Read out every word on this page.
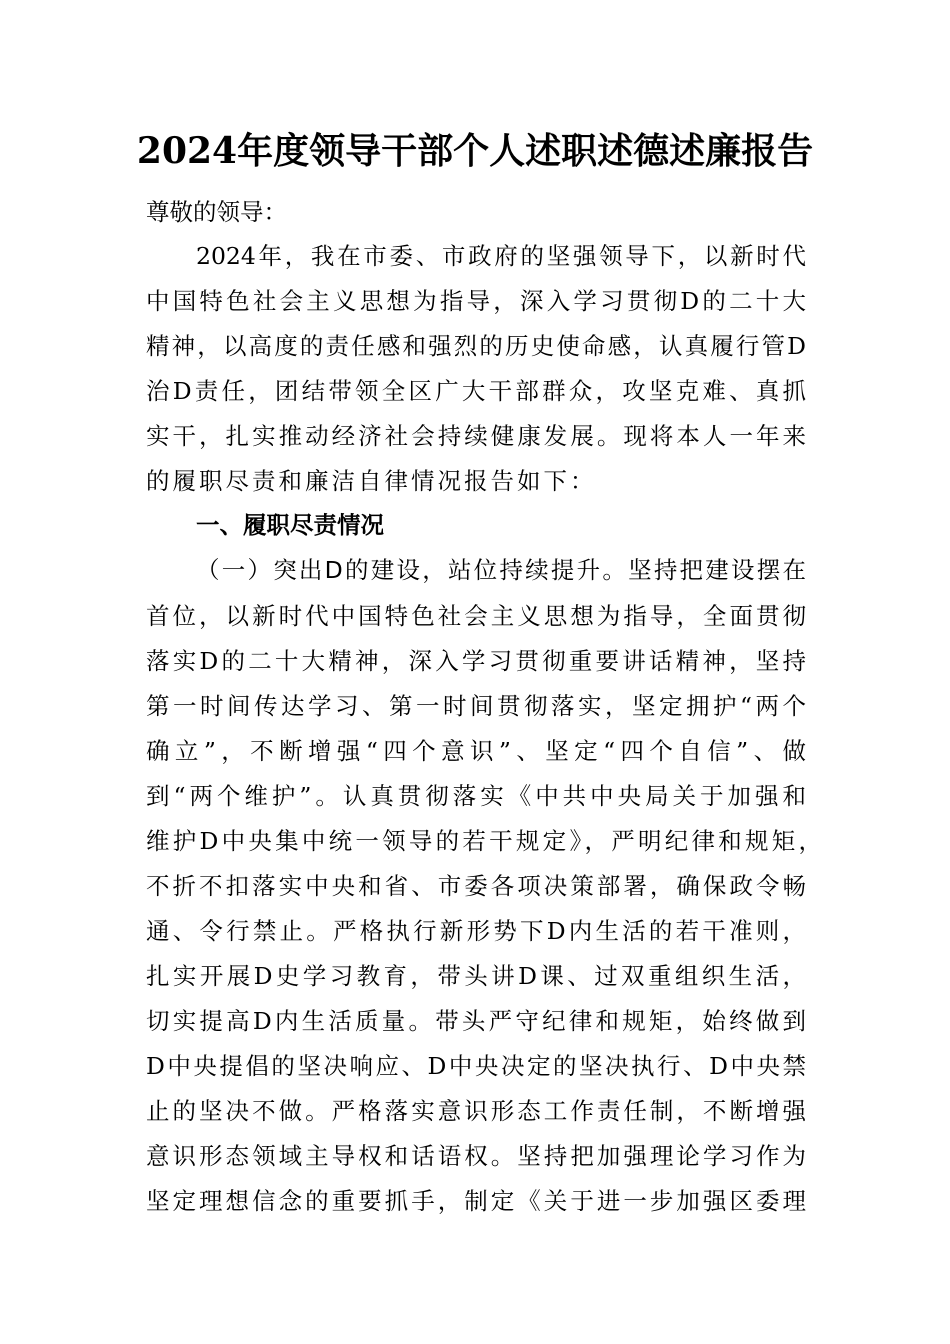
2024年度领导干部个人述职述德述廉报告
尊敬的领导：
2024年，我在市委、市政府的坚强领导下，以新时代
中国特色社会主义思想为指导，深入学习贯彻D的二十大
精神，以高度的责任感和强烈的历史使命感，认真履行管D
治D责任，团结带领全区广大干部群众，攻坚克难、真抓
实干，扎实推动经济社会持续健康发展。现将本人一年来
的履职尽责和廉洁自律情况报告如下：
一、履职尽责情况
（一）突出D的建设，站位持续提升。坚持把建设摆在
首位，以新时代中国特色社会主义思想为指导，全面贯彻
落实D的二十大精神，深入学习贯彻重要讲话精神，坚持
第一时间传达学习、第一时间贯彻落实，坚定拥护“两个
确立”，不断增强“四个意识”、坚定“四个自信”、做
到“两个维护”。认真贯彻落实《中共中央局关于加强和
维护D中央集中统一领导的若干规定》，严明纪律和规矩，
不折不扣落实中央和省、市委各项决策部署，确保政令畅
通、令行禁止。严格执行新形势下D内生活的若干准则，
扎实开展D史学习教育，带头讲D课、过双重组织生活，
切实提高D内生活质量。带头严守纪律和规矩，始终做到
D中央提倡的坚决响应、D中央决定的坚决执行、D中央禁
止的坚决不做。严格落实意识形态工作责任制，不断增强
意识形态领域主导权和话语权。坚持把加强理论学习作为
坚定理想信念的重要抓手，制定《关于进一步加强区委理
